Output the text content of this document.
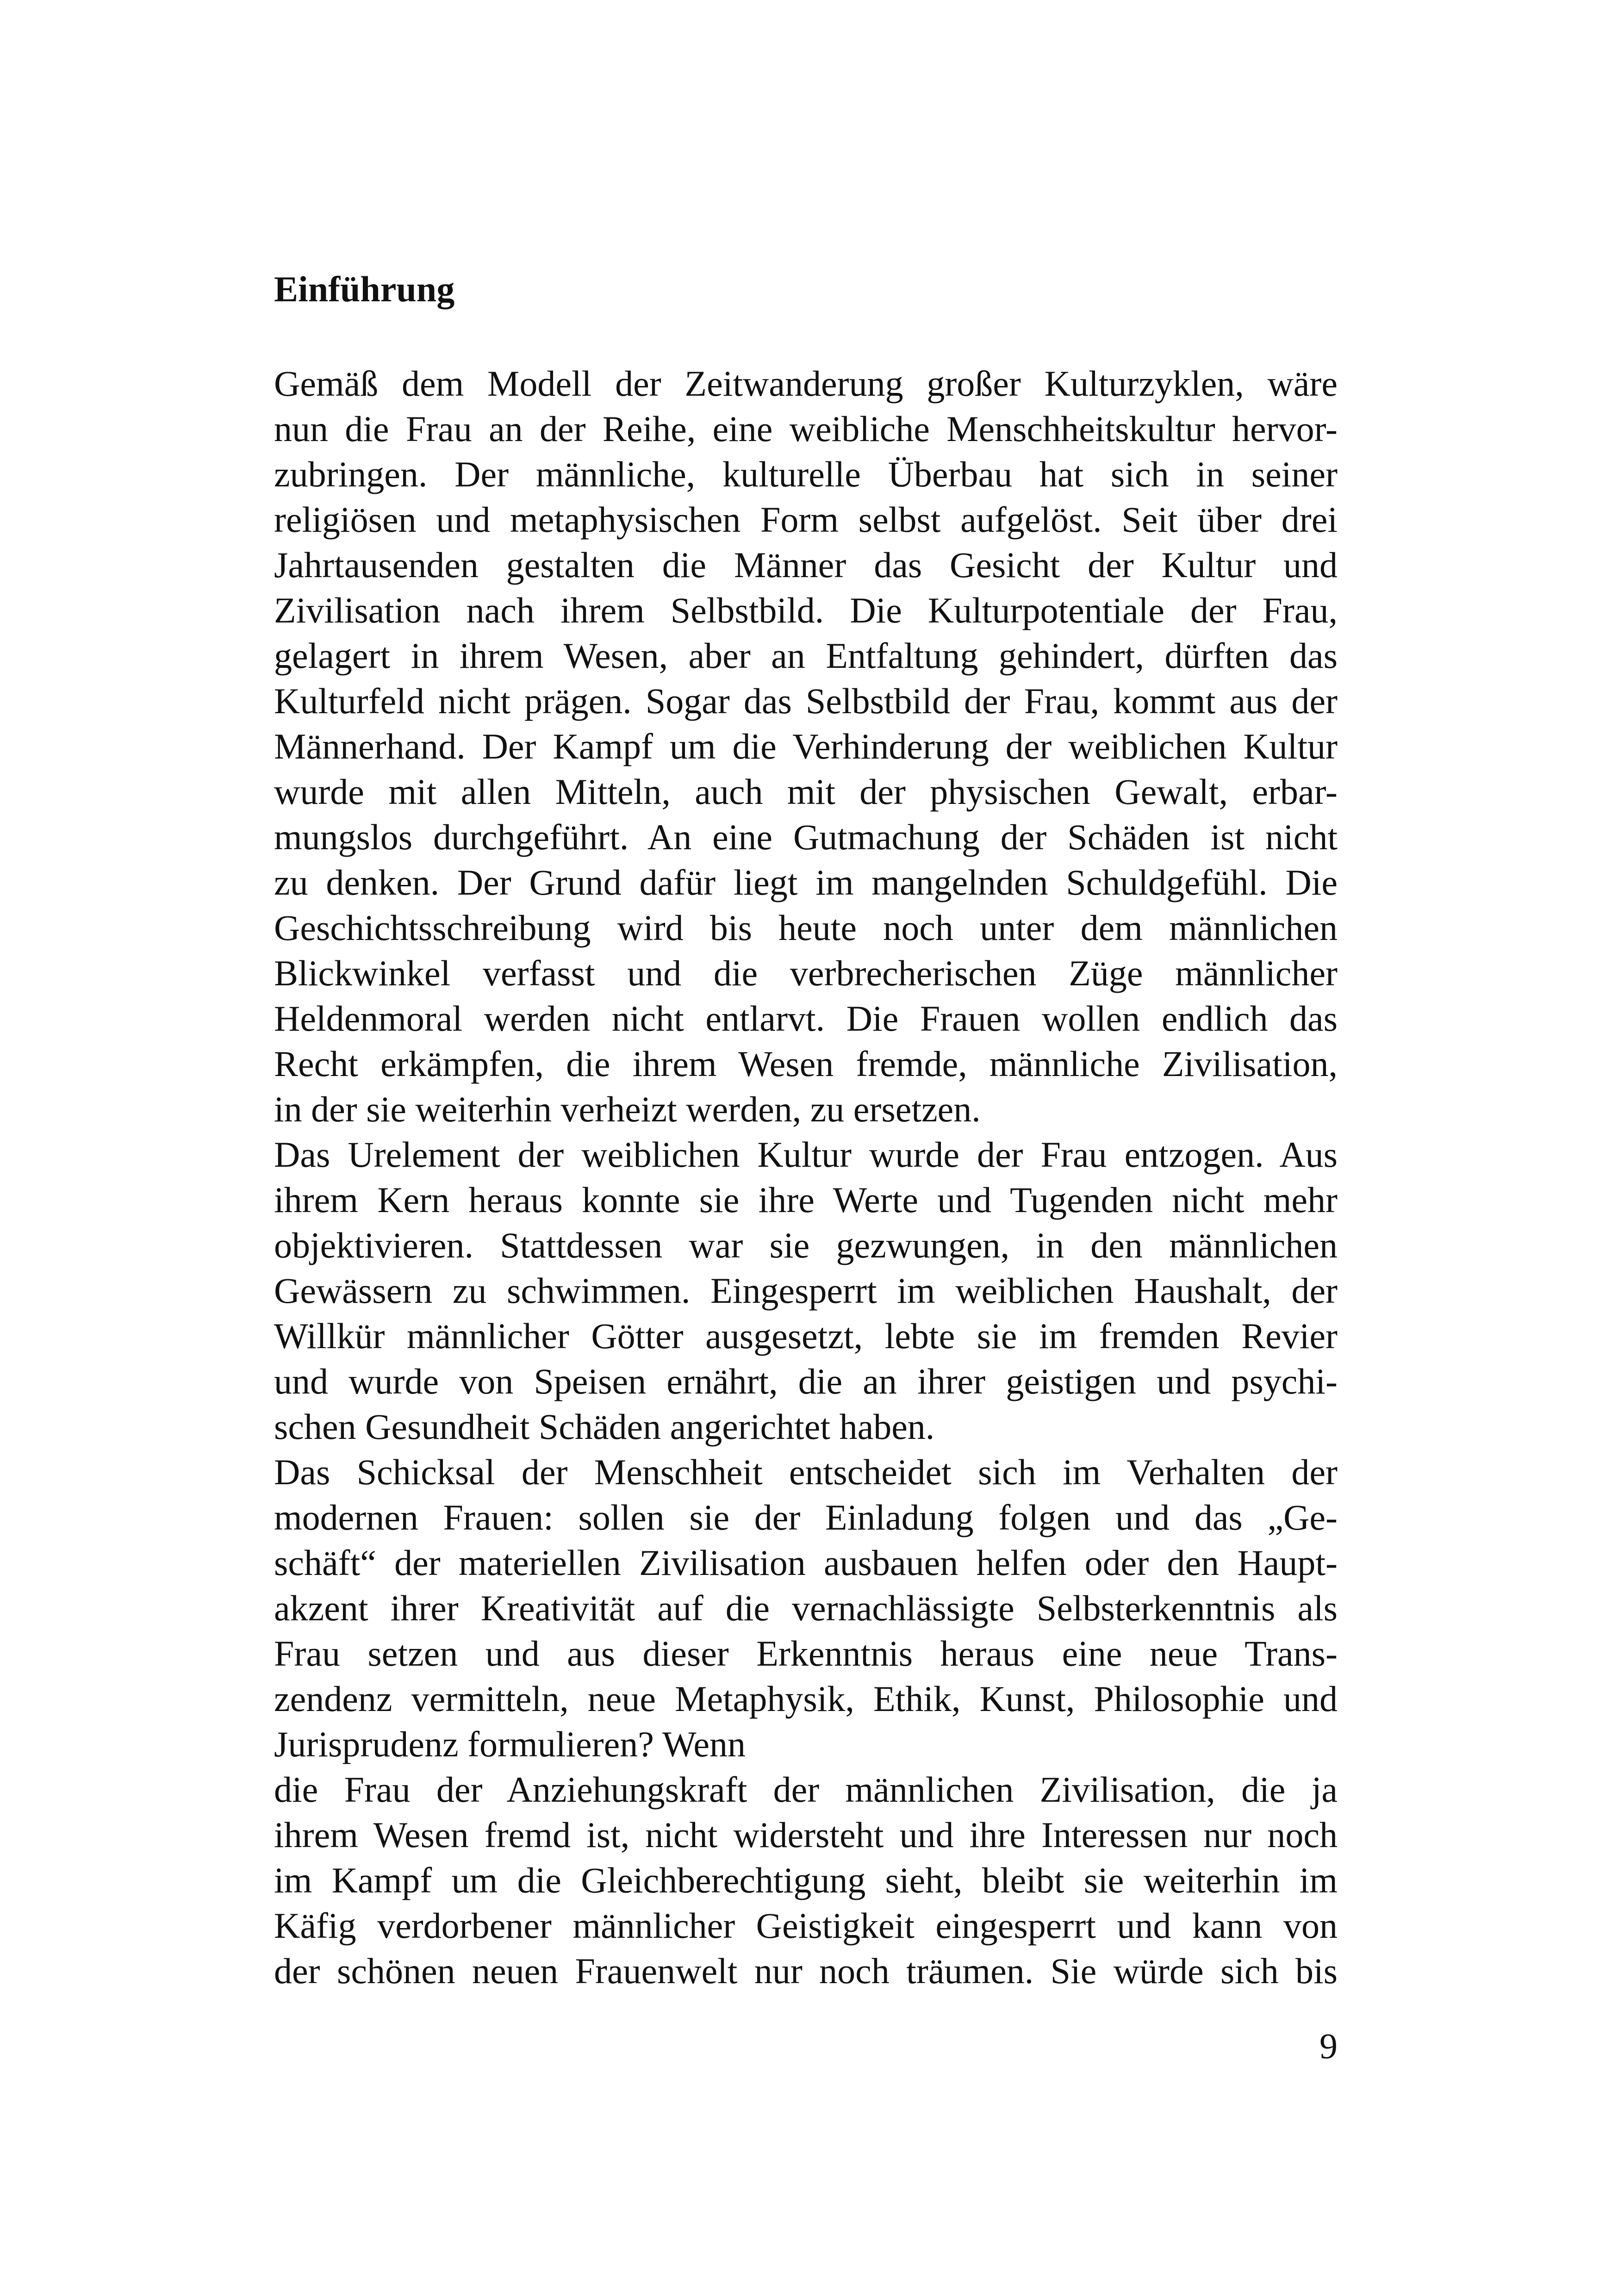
Einführung
Gemäß dem Modell der Zeitwanderung großer Kulturzyklen, wäre
nun die Frau an der Reihe, eine weibliche Menschheitskultur hervor-
zubringen. Der männliche, kulturelle Überbau hat sich in seiner
religiösen und metaphysischen Form selbst aufgelöst. Seit über drei
Jahrtausenden gestalten die Männer das Gesicht der Kultur und
Zivilisation nach ihrem Selbstbild. Die Kulturpotentiale der Frau,
gelagert in ihrem Wesen, aber an Entfaltung gehindert, dürften das
Kulturfeld nicht prägen. Sogar das Selbstbild der Frau, kommt aus der
Männerhand. Der Kampf um die Verhinderung der weiblichen Kultur
wurde mit allen Mitteln, auch mit der physischen Gewalt, erbar-
mungslos durchgeführt. An eine Gutmachung der Schäden ist nicht
zu denken. Der Grund dafür liegt im mangelnden Schuldgefühl. Die
Geschichtsschreibung wird bis heute noch unter dem männlichen
Blickwinkel verfasst und die verbrecherischen Züge männlicher
Heldenmoral werden nicht entlarvt. Die Frauen wollen endlich das
Recht erkämpfen, die ihrem Wesen fremde, männliche Zivilisation,
in der sie weiterhin verheizt werden, zu ersetzen.
Das Urelement der weiblichen Kultur wurde der Frau entzogen. Aus
ihrem Kern heraus konnte sie ihre Werte und Tugenden nicht mehr
objektivieren. Stattdessen war sie gezwungen, in den männlichen
Gewässern zu schwimmen. Eingesperrt im weiblichen Haushalt, der
Willkür männlicher Götter ausgesetzt, lebte sie im fremden Revier
und wurde von Speisen ernährt, die an ihrer geistigen und psychi-
schen Gesundheit Schäden angerichtet haben.
Das Schicksal der Menschheit entscheidet sich im Verhalten der
modernen Frauen: sollen sie der Einladung folgen und das „Ge-
schäft“ der materiellen Zivilisation ausbauen helfen oder den Haupt-
akzent ihrer Kreativität auf die vernachlässigte Selbsterkenntnis als
Frau setzen und aus dieser Erkenntnis heraus eine neue Trans-
zendenz vermitteln, neue Metaphysik, Ethik, Kunst, Philosophie und
Jurisprudenz formulieren? Wenn
die Frau der Anziehungskraft der männlichen Zivilisation, die ja
ihrem Wesen fremd ist, nicht widersteht und ihre Interessen nur noch
im Kampf um die Gleichberechtigung sieht, bleibt sie weiterhin im
Käfig verdorbener männlicher Geistigkeit eingesperrt und kann von
der schönen neuen Frauenwelt nur noch träumen. Sie würde sich bis
9
